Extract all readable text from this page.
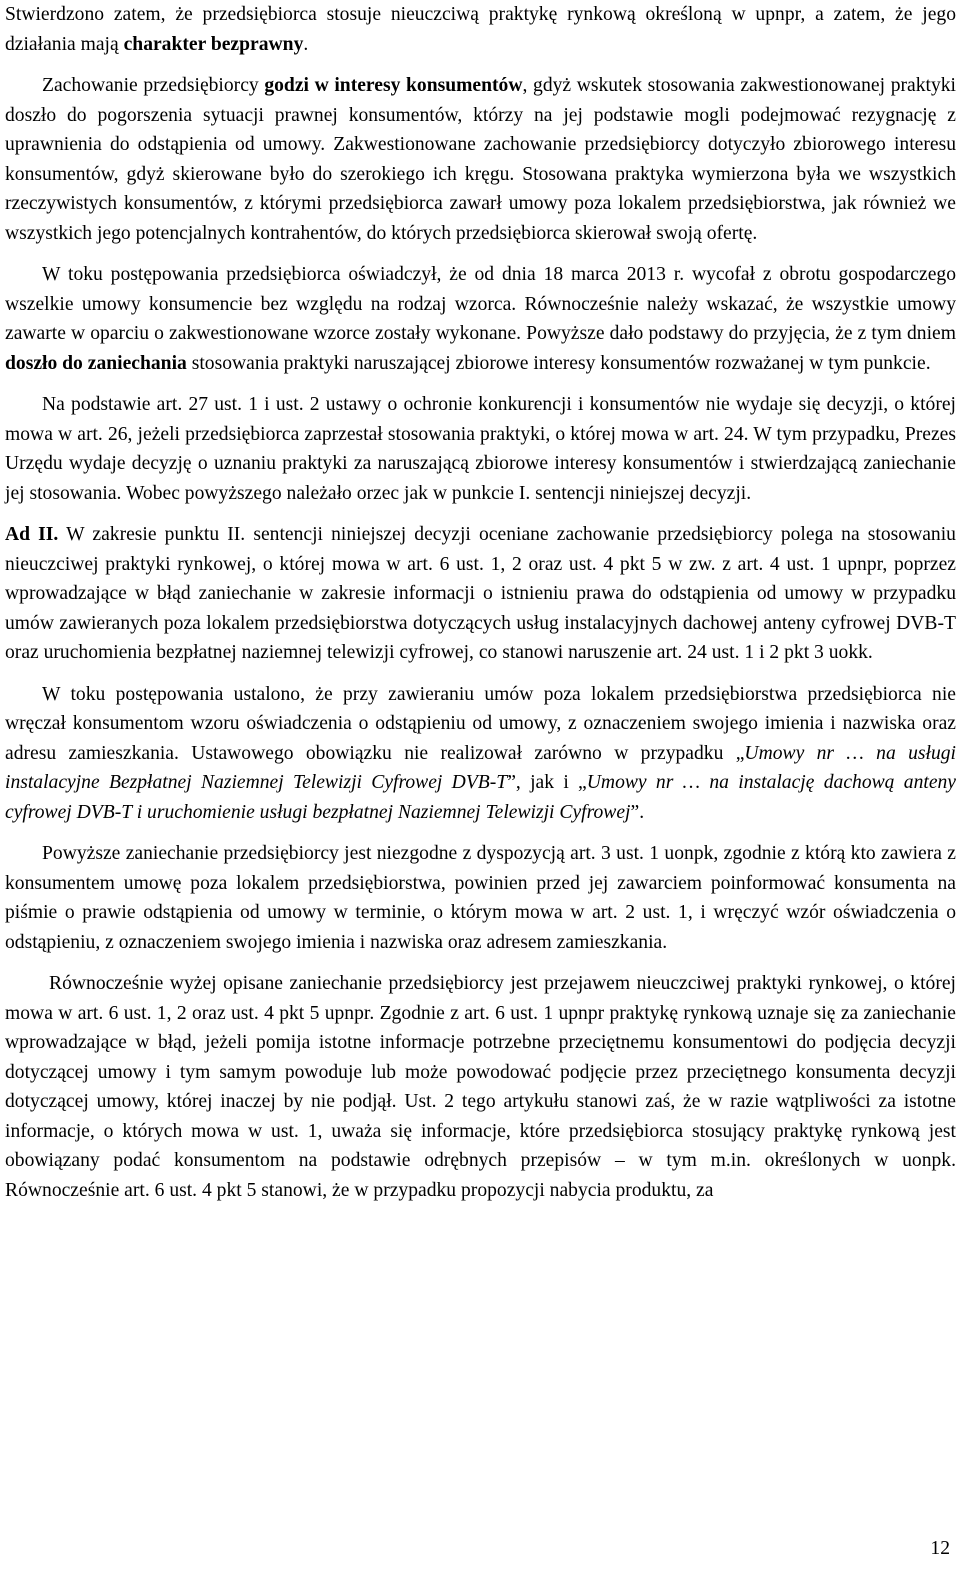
Stwierdzono zatem, że przedsiębiorca stosuje nieuczciwą praktykę rynkową określoną w upnpr, a zatem, że jego działania mają charakter bezprawny.

Zachowanie przedsiębiorcy godzi w interesy konsumentów, gdyż wskutek stosowania zakwestionowanej praktyki doszło do pogorszenia sytuacji prawnej konsumentów, którzy na jej podstawie mogli podejmować rezygnację z uprawnienia do odstąpienia od umowy. Zakwestionowane zachowanie przedsiębiorcy dotyczyło zbiorowego interesu konsumentów, gdyż skierowane było do szerokiego ich kręgu. Stosowana praktyka wymierzona była we wszystkich rzeczywistych konsumentów, z którymi przedsiębiorca zawarł umowy poza lokalem przedsiębiorstwa, jak również we wszystkich jego potencjalnych kontrahentów, do których przedsiębiorca skierował swoją ofertę.

W toku postępowania przedsiębiorca oświadczył, że od dnia 18 marca 2013 r. wycofał z obrotu gospodarczego wszelkie umowy konsumencie bez względu na rodzaj wzorca. Równocześnie należy wskazać, że wszystkie umowy zawarte w oparciu o zakwestionowane wzorce zostały wykonane. Powyższe dało podstawy do przyjęcia, że z tym dniem doszło do zaniechania stosowania praktyki naruszającej zbiorowe interesy konsumentów rozważanej w tym punkcie.

Na podstawie art. 27 ust. 1 i ust. 2 ustawy o ochronie konkurencji i konsumentów nie wydaje się decyzji, o której mowa w art. 26, jeżeli przedsiębiorca zaprzestał stosowania praktyki, o której mowa w art. 24. W tym przypadku, Prezes Urzędu wydaje decyzję o uznaniu praktyki za naruszającą zbiorowe interesy konsumentów i stwierdzającą zaniechanie jej stosowania. Wobec powyższego należało orzec jak w punkcie I. sentencji niniejszej decyzji.

Ad II. W zakresie punktu II. sentencji niniejszej decyzji oceniane zachowanie przedsiębiorcy polega na stosowaniu nieuczciwej praktyki rynkowej, o której mowa w art. 6 ust. 1, 2 oraz ust. 4 pkt 5 w zw. z art. 4 ust. 1 upnpr, poprzez wprowadzające w błąd zaniechanie w zakresie informacji o istnieniu prawa do odstąpienia od umowy w przypadku umów zawieranych poza lokalem przedsiębiorstwa dotyczących usług instalacyjnych dachowej anteny cyfrowej DVB-T oraz uruchomienia bezpłatnej naziemnej telewizji cyfrowej, co stanowi naruszenie art. 24 ust. 1 i 2 pkt 3 uokk.

W toku postępowania ustalono, że przy zawieraniu umów poza lokalem przedsiębiorstwa przedsiębiorca nie wręczał konsumentom wzoru oświadczenia o odstąpieniu od umowy, z oznaczeniem swojego imienia i nazwiska oraz adresu zamieszkania. Ustawowego obowiązku nie realizował zarówno w przypadku „Umowy nr … na usługi instalacyjne Bezpłatnej Naziemnej Telewizji Cyfrowej DVB-T”, jak i „Umowy nr … na instalację dachową anteny cyfrowej DVB-T i uruchomienie usługi bezpłatnej Naziemnej Telewizji Cyfrowej”.

Powyższe zaniechanie przedsiębiorcy jest niezgodne z dyspozycją art. 3 ust. 1 uonpk, zgodnie z którą kto zawiera z konsumentem umowę poza lokalem przedsiębiorstwa, powinien przed jej zawarciem poinformować konsumenta na piśmie o prawie odstąpienia od umowy w terminie, o którym mowa w art. 2 ust. 1, i wręczyć wzór oświadczenia o odstąpieniu, z oznaczeniem swojego imienia i nazwiska oraz adresem zamieszkania.

Równocześnie wyżej opisane zaniechanie przedsiębiorcy jest przejawem nieuczciwej praktyki rynkowej, o której mowa w art. 6 ust. 1, 2 oraz ust. 4 pkt 5 upnpr. Zgodnie z art. 6 ust. 1 upnpr praktykę rynkową uznaje się za zaniechanie wprowadzające w błąd, jeżeli pomija istotne informacje potrzebne przeciętnemu konsumentowi do podjęcia decyzji dotyczącej umowy i tym samym powoduje lub może powodować podjęcie przez przeciętnego konsumenta decyzji dotyczącej umowy, której inaczej by nie podjął. Ust. 2 tego artykułu stanowi zaś, że w razie wątpliwości za istotne informacje, o których mowa w ust. 1, uważa się informacje, które przedsiębiorca stosujący praktykę rynkową jest obowiązany podać konsumentom na podstawie odrębnych przepisów – w tym m.in. określonych w uonpk. Równocześnie art. 6 ust. 4 pkt 5 stanowi, że w przypadku propozycji nabycia produktu, za

12
